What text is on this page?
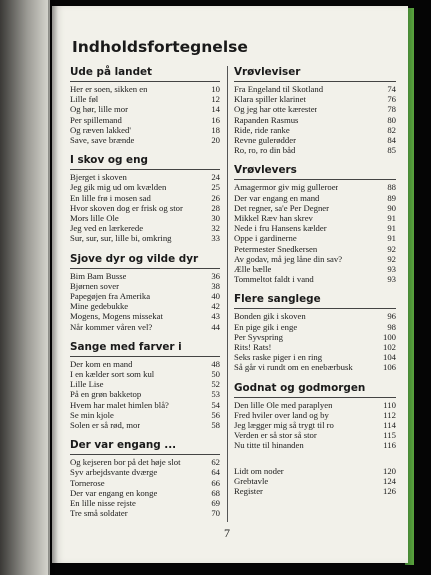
Indholdsfortegnelse
Ude på landet
Her er soen, sikken en	10
Lille føl	12
Og hør, lille mor	14
Per spillemand	16
Og ræven lakked'	18
Save, save brænde	20
I skov og eng
Bjerget i skoven	24
Jeg gik mig ud om kvælden	25
En lille frø i mosen sad	26
Hvor skoven dog er frisk og stor	28
Mors lille Ole	30
Jeg ved en lærkerede	32
Sur, sur, sur, lille bi, omkring	33
Sjove dyr og vilde dyr
Bim Bam Busse	36
Bjørnen sover	38
Papegøjen fra Amerika	40
Mine gedebukke	42
Mogens, Mogens missekat	43
Når kommer våren vel?	44
Sange med farver i
Der kom en mand	48
I en kælder sort som kul	50
Lille Lise	52
På en grøn bakketop	53
Hvem har malet himlen blå?	54
Se min kjole	56
Solen er så rød, mor	58
Der var engang ...
Og kejseren bor på det høje slot	62
Syv arbejdsvante dværge	64
Tornerose	66
Der var engang en konge	68
En lille nisse rejste	69
Tre små soldater	70
Vrøvleviser
Fra Engeland til Skotland	74
Klara spiller klarinet	76
Og jeg har otte kærester	78
Rapanden Rasmus	80
Ride, ride ranke	82
Revne gulerødder	84
Ro, ro, ro din båd	85
Vrøvlevers
Amagermor giv mig gulleroer	88
Der var engang en mand	89
Det regner, sa'e Per Degner	90
Mikkel Ræv han skrev	91
Nede i fru Hansens kælder	91
Oppe i gardinerne	91
Petermester Snedkersen	92
Av godav, må jeg låne din sav?	92
Ælle bælle	93
Tommeltot faldt i vand	93
Flere sanglege
Bonden gik i skoven	96
En pige gik i enge	98
Per Syvspring	100
Rits! Rats!	102
Seks raske piger i en ring	104
Så går vi rundt om en enebærbusk	106
Godnat og godmorgen
Den lille Ole med paraplyen	110
Fred hviler over land og by	112
Jeg lægger mig så trygt til ro	114
Verden er så stor så stor	115
Nu titte til hinanden	116
Lidt om noder	120
Grebtavle	124
Register	126
7
